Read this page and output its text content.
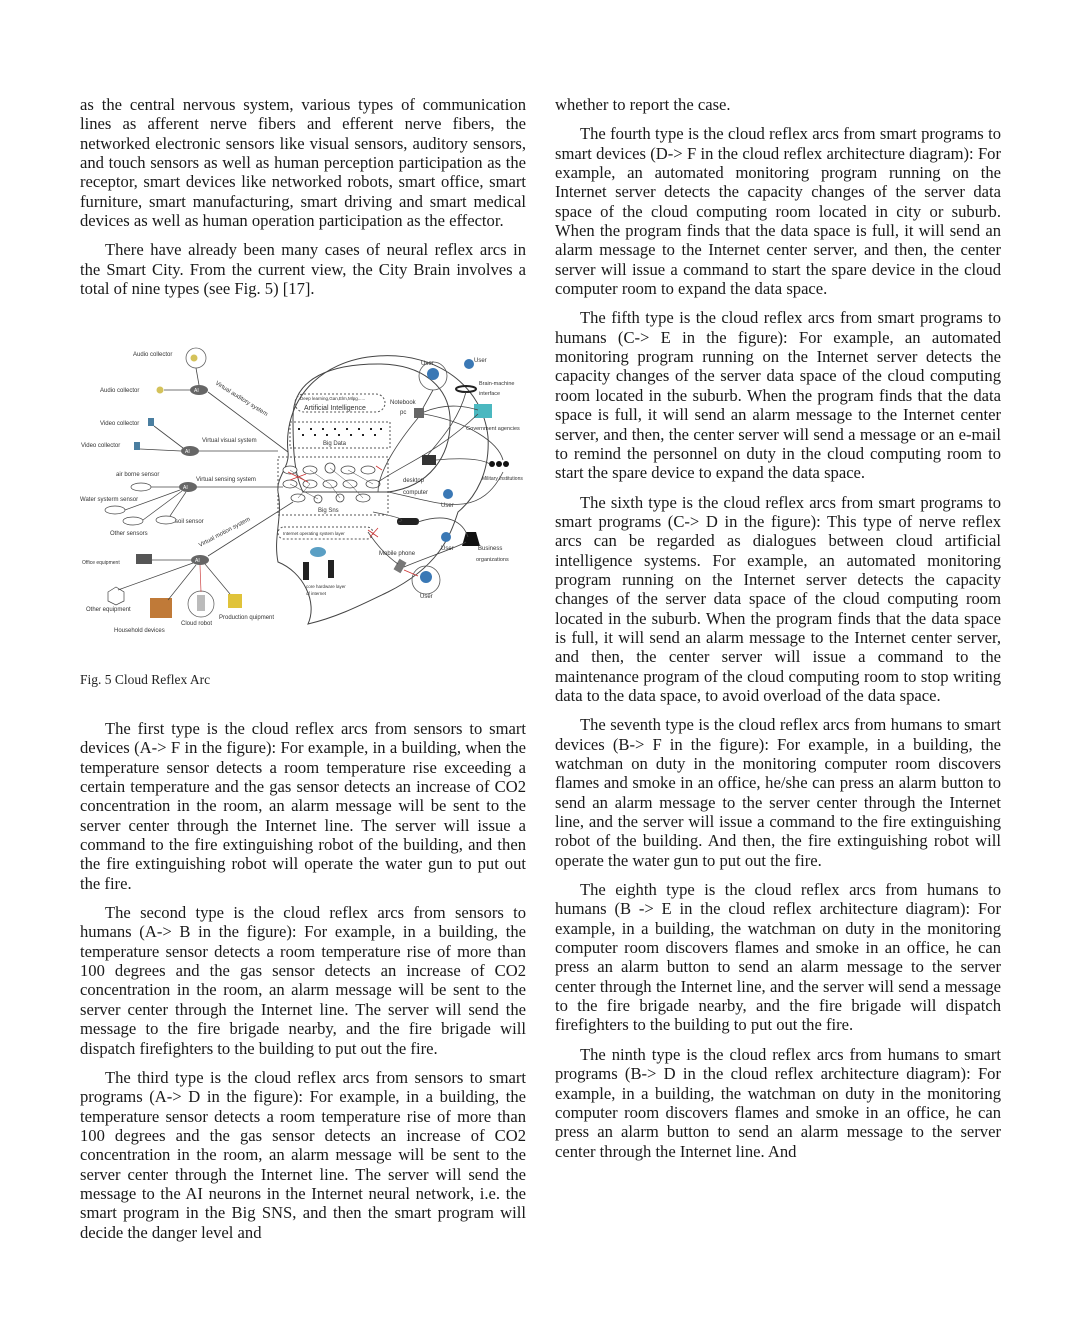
as the central nervous system, various types of communication lines as afferent nerve fibers and efferent nerve fibers, the networked electronic sensors like visual sensors, auditory sensors, and touch sensors as well as human perception participation as the receptor, smart devices like networked robots, smart office, smart furniture, smart manufacturing, smart driving and smart medical devices as well as human operation participation as the effector.

There have already been many cases of neural reflex arcs in the Smart City. From the current view, the City Brain involves a total of nine types (see Fig. 5) [17].

Deep learning,Gan,Elm,Mlpg......
Artificial Intelligence
Big Data
Big Sns
Internet operating system layer
core hardware layer
of internet
Audio collector
Audio collector	AI	Virtual auditory system
Video collector
Video collector
AI
Virtual visual system
air borne sensor
Water systerm sensor
soil sensor
Other sensors
AI
Virtual sensing system
AI
Virtual motion system
Office equipment
Other equipment
Household devices
Cloud robot
Production quipment
Notebook
pc
User	User
Brain-machine
interface
Government agencies
desktop
computer
User
Military institutions
User	Business
organizations
Mobile phone
User
Fig. 5 Cloud Reflex Arc

The first type is the cloud reflex arcs from sensors to smart devices (A-> F in the figure): For example, in a building, when the temperature sensor detects a room temperature rise exceeding a certain temperature and the gas sensor detects an increase of CO2 concentration in the room, an alarm message will be sent to the server center through the Internet line. The server will issue a command to the fire extinguishing robot of the building, and then the fire extinguishing robot will operate the water gun to put out the fire.

The second type is the cloud reflex arcs from sensors to humans (A-> B in the figure): For example, in a building, the temperature sensor detects a room temperature rise of more than 100 degrees and the gas sensor detects an increase of CO2 concentration in the room, an alarm message will be sent to the server center through the Internet line. The server will send the message to the fire brigade nearby, and the fire brigade will dispatch firefighters to the building to put out the fire.

The third type is the cloud reflex arcs from sensors to smart programs (A-> D in the figure): For example, in a building, the temperature sensor detects a room temperature rise of more than 100 degrees and the gas sensor detects an increase of CO2 concentration in the room, an alarm message will be sent to the server center through the Internet line. The server will send the message to the AI neurons in the Internet neural network, i.e. the smart program in the Big SNS, and then the smart program will decide the danger level and

whether to report the case.

The fourth type is the cloud reflex arcs from smart programs to smart devices (D-> F in the cloud reflex architecture diagram): For example, an automated monitoring program running on the Internet server detects the capacity changes of the server data space of the cloud computing room located in city or suburb. When the program finds that the data space is full, it will send an alarm message to the Internet center server, and then, the center server will issue a command to start the spare device in the cloud computer room to expand the data space.

The fifth type is the cloud reflex arcs from smart programs to humans (C-> E in the figure): For example, an automated monitoring program running on the Internet server detects the capacity changes of the server data space of the cloud computing room located in the suburb. When the program finds that the data space is full, it will send an alarm message to the Internet center server, and then, the center server will send a message or an e-mail to remind the personnel on duty in the cloud computing room to start the spare device to expand the data space.

The sixth type is the cloud reflex arcs from smart programs to smart programs (C-> D in the figure): This type of nerve reflex arcs can be regarded as dialogues between cloud artificial intelligence systems. For example, an automated monitoring program running on the Internet server detects the capacity changes of the server data space of the cloud computing room located in the suburb. When the program finds that the data space is full, it will send an alarm message to the Internet center server, and then, the center server will issue a command to the maintenance program of the cloud computing room to stop writing data to the data space, to avoid overload of the data space.

The seventh type is the cloud reflex arcs from humans to smart devices (B-> F in the figure): For example, in a building, the watchman on duty in the monitoring computer room discovers flames and smoke in an office, he/she can press an alarm button to send an alarm message to the server center through the Internet line, and the server will issue a command to the fire extinguishing robot of the building. And then, the fire extinguishing robot will operate the water gun to put out the fire.

The eighth type is the cloud reflex arcs from humans to humans (B -> E in the cloud reflex architecture diagram): For example, in a building, the watchman on duty in the monitoring computer room discovers flames and smoke in an office, he can press an alarm button to send an alarm message to the server center through the Internet line, and the server will send a message to the fire brigade nearby, and the fire brigade will dispatch firefighters to the building to put out the fire.

The ninth type is the cloud reflex arcs from humans to smart programs (B-> D in the cloud reflex architecture diagram): For example, in a building, the watchman on duty in the monitoring computer room discovers flames and smoke in an office, he can press an alarm button to send an alarm message to the server center through the Internet line. And
